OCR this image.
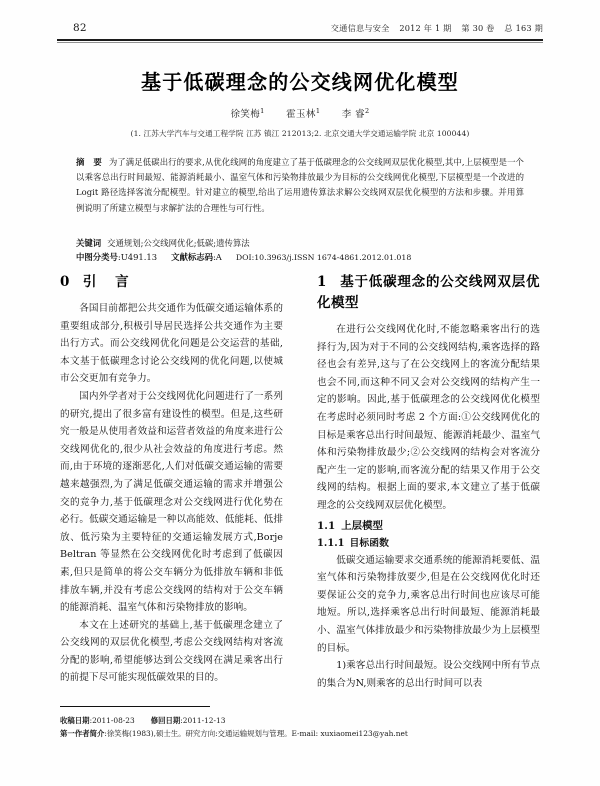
82	交通信息与安全 2012 年 1 期 第 30 卷 总 163 期
基于低碳理念的公交线网优化模型
徐笑梅$^1$ 霍玉林$^1$ 李 睿$^2$
(1. 江苏大学汽车与交通工程学院 江苏 镇江 212013;2. 北京交通大学交通运输学院 北京 100044)
摘 要 为了满足低碳出行的要求,从优化线网的角度建立了基于低碳理念的公交线网双层优化模型,其中,上层模型是一个以乘客总出行时间最短、能源消耗最小、温室气体和污染物排放最少为目标的公交线网优化模型,下层模型是一个改进的 Logit 路径选择客流分配模型。针对建立的模型,给出了运用遗传算法求解公交线网双层优化模型的方法和步骤。并用算例说明了所建立模型与求解扩法的合理性与可行性。
关键词 交通规划;公交线网优化;低碳;遗传算法
中图分类号:U491.13 文献标志码:A DOI:10.3963/j.ISSN 1674-4861.2012.01.018
0 引 言

各国目前都把公共交通作为低碳交通运输体系的重要组成部分,积极引导居民选择公共交通作为主要出行方式。而公交线网优化问题是公交运营的基础,本文基于低碳理念讨论公交线网的优化问题,以使城市公交更加有竞争力。

国内外学者对于公交线网优化问题进行了一系列的研究,提出了很多富有建设性的模型。但是,这些研究一般是从使用者效益和运营者效益的角度来进行公交线网优化的,很少从社会效益的角度进行考虑。然而,由于环境的逐渐恶化,人们对低碳交通运输的需要越来越强烈,为了满足低碳交通运输的需求并增强公交的竞争力,基于低碳理念对公交线网进行优化势在必行。低碳交通运输是一种以高能效、低能耗、低排放、低污染为主要特征的交通运输发展方式,Borje Beltran 等显然在公交线网优化时考虑到了低碳因素,但只是简单的将公交车辆分为低排放车辆和非低排放车辆,并没有考虑公交线网的结构对于公交车辆的能源消耗、温室气体和污染物排放的影响。

本文在上述研究的基础上,基于低碳理念建立了公交线网的双层优化模型,考虑公交线网结构对客流分配的影响,希望能够达到公交线网在满足乘客出行的前提下尽可能实现低碳效果的目的。

1 基于低碳理念的公交线网双层优化模型

在进行公交线网优化时,不能忽略乘客出行的选择行为,因为对于不同的公交线网结构,乘客选择的路径也会有差异,这与了在公交线网上的客流分配结果也会不同,而这种不同又会对公交线网的结构产生一定的影响。因此,基于低碳理念的公交线网优化模型在考虑时必须同时考虑 2 个方面:①公交线网优化的目标是乘客总出行时间最短、能源消耗最少、温室气体和污染物排放最少;②公交线网的结构会对客流分配产生一定的影响,而客流分配的结果又作用于公交线网的结构。根据上面的要求,本文建立了基于低碳理念的公交线网双层优化模型。

1.1 上层模型
1.1.1 目标函数

低碳交通运输要求交通系统的能源消耗要低、温室气体和污染物排放要少,但是在公交线网优化时还要保证公交的竞争力,乘客总出行时间也应该尽可能地短。所以,选择乘客总出行时间最短、能源消耗最小、温室气体排放最少和污染物排放最少为上层模型的目标。

1)乘客总出行时间最短。设公交线网中所有节点的集合为N,则乘客的总出行时间可以表

收稿日期:2011-08-23 修回日期:2011-12-13
第一作者简介:徐笑梅(1983),硕士生。研究方向:交通运输规划与管理。E-mail: xuxiaomei123@yah.net
